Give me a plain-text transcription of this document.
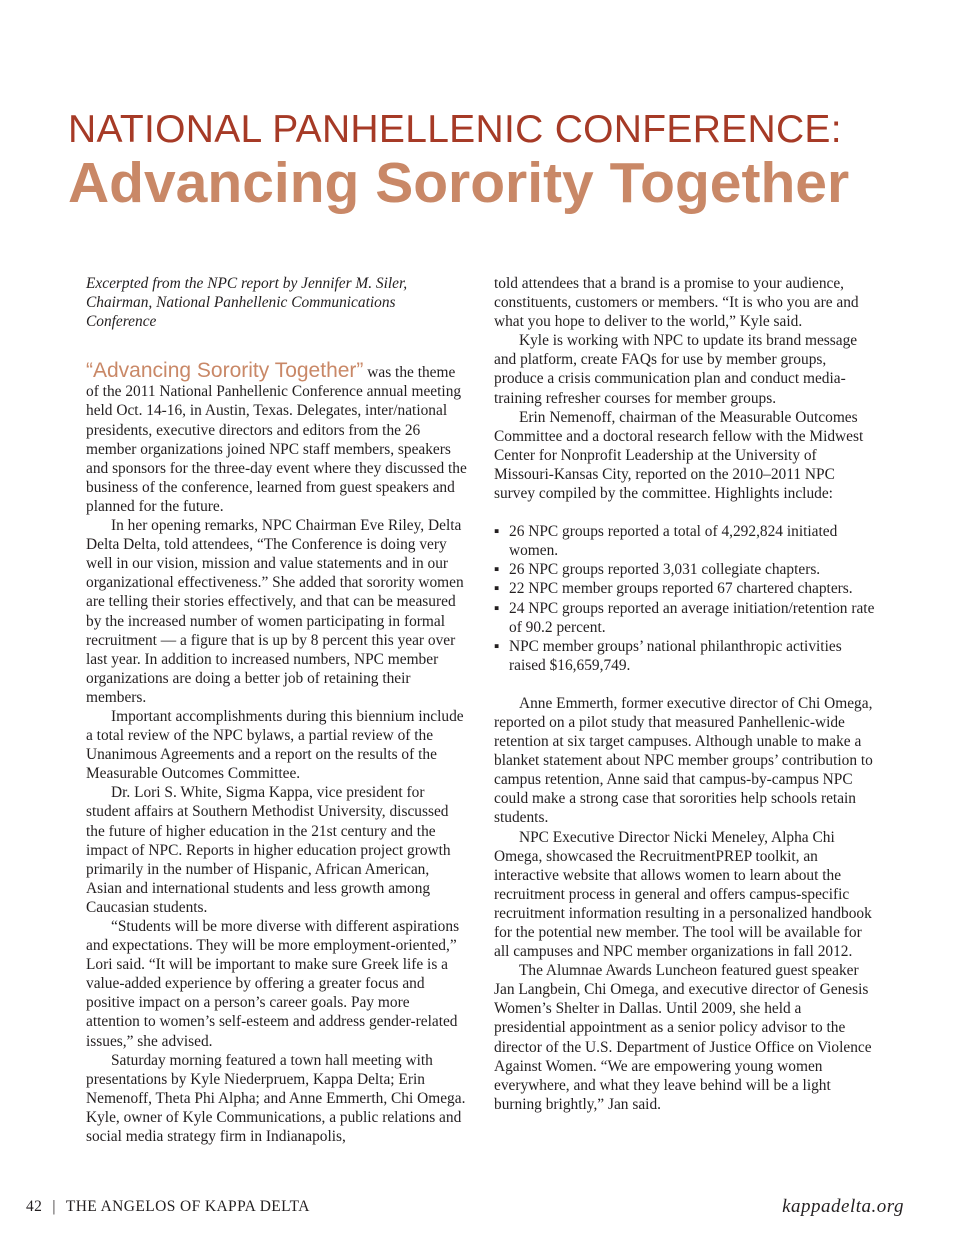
NATIONAL PANHELLENIC CONFERENCE:
Advancing Sorority Together

Excerpted from the NPC report by Jennifer M. Siler,
Chairman, National Panhellenic Communications Conference

“Advancing Sorority Together” was the theme of the 2011 National Panhellenic Conference annual meeting held Oct. 14-16, in Austin, Texas. Delegates, inter/national presidents, executive directors and editors from the 26 member organizations joined NPC staff members, speakers and sponsors for the three-day event where they discussed the business of the conference, learned from guest speakers and planned for the future.

In her opening remarks, NPC Chairman Eve Riley, Delta Delta Delta, told attendees, “The Conference is doing very well in our vision, mission and value statements and in our organizational effectiveness.” She added that sorority women are telling their stories effectively, and that can be measured by the increased number of women participating in formal recruitment — a figure that is up by 8 percent this year over last year. In addition to increased numbers, NPC member organizations are doing a better job of retaining their members.

Important accomplishments during this biennium include a total review of the NPC bylaws, a partial review of the Unanimous Agreements and a report on the results of the Measurable Outcomes Committee.

Dr. Lori S. White, Sigma Kappa, vice president for student affairs at Southern Methodist University, discussed the future of higher education in the 21st century and the impact of NPC. Reports in higher education project growth primarily in the number of Hispanic, African American, Asian and international students and less growth among Caucasian students.

“Students will be more diverse with different aspirations and expectations. They will be more employment-oriented,” Lori said. “It will be important to make sure Greek life is a value-added experience by offering a greater focus and positive impact on a person’s career goals. Pay more attention to women’s self-esteem and address gender-related issues,” she advised.

Saturday morning featured a town hall meeting with presentations by Kyle Niederpruem, Kappa Delta; Erin Nemenoff, Theta Phi Alpha; and Anne Emmerth, Chi Omega. Kyle, owner of Kyle Communications, a public relations and social media strategy firm in Indianapolis,

told attendees that a brand is a promise to your audience, constituents, customers or members. “It is who you are and what you hope to deliver to the world,” Kyle said.

Kyle is working with NPC to update its brand message and platform, create FAQs for use by member groups, produce a crisis communication plan and conduct media-training refresher courses for member groups.

Erin Nemenoff, chairman of the Measurable Outcomes Committee and a doctoral research fellow with the Midwest Center for Nonprofit Leadership at the University of Missouri-Kansas City, reported on the 2010–2011 NPC survey compiled by the committee. Highlights include:

▪ 26 NPC groups reported a total of 4,292,824 initiated women.
▪ 26 NPC groups reported 3,031 collegiate chapters.
▪ 22 NPC member groups reported 67 chartered chapters.
▪ 24 NPC groups reported an average initiation/retention rate of 90.2 percent.
▪ NPC member groups’ national philanthropic activities raised $16,659,749.

Anne Emmerth, former executive director of Chi Omega, reported on a pilot study that measured Panhellenic-wide retention at six target campuses. Although unable to make a blanket statement about NPC member groups’ contribution to campus retention, Anne said that campus-by-campus NPC could make a strong case that sororities help schools retain students.

NPC Executive Director Nicki Meneley, Alpha Chi Omega, showcased the RecruitmentPREP toolkit, an interactive website that allows women to learn about the recruitment process in general and offers campus-specific recruitment information resulting in a personalized handbook for the potential new member. The tool will be available for all campuses and NPC member organizations in fall 2012.

The Alumnae Awards Luncheon featured guest speaker Jan Langbein, Chi Omega, and executive director of Genesis Women’s Shelter in Dallas. Until 2009, she held a presidential appointment as a senior policy advisor to the director of the U.S. Department of Justice Office on Violence Against Women. “We are empowering young women everywhere, and what they leave behind will be a light burning brightly,” Jan said.

42 | THE ANGELOS OF KAPPA DELTA	kappadelta.org
